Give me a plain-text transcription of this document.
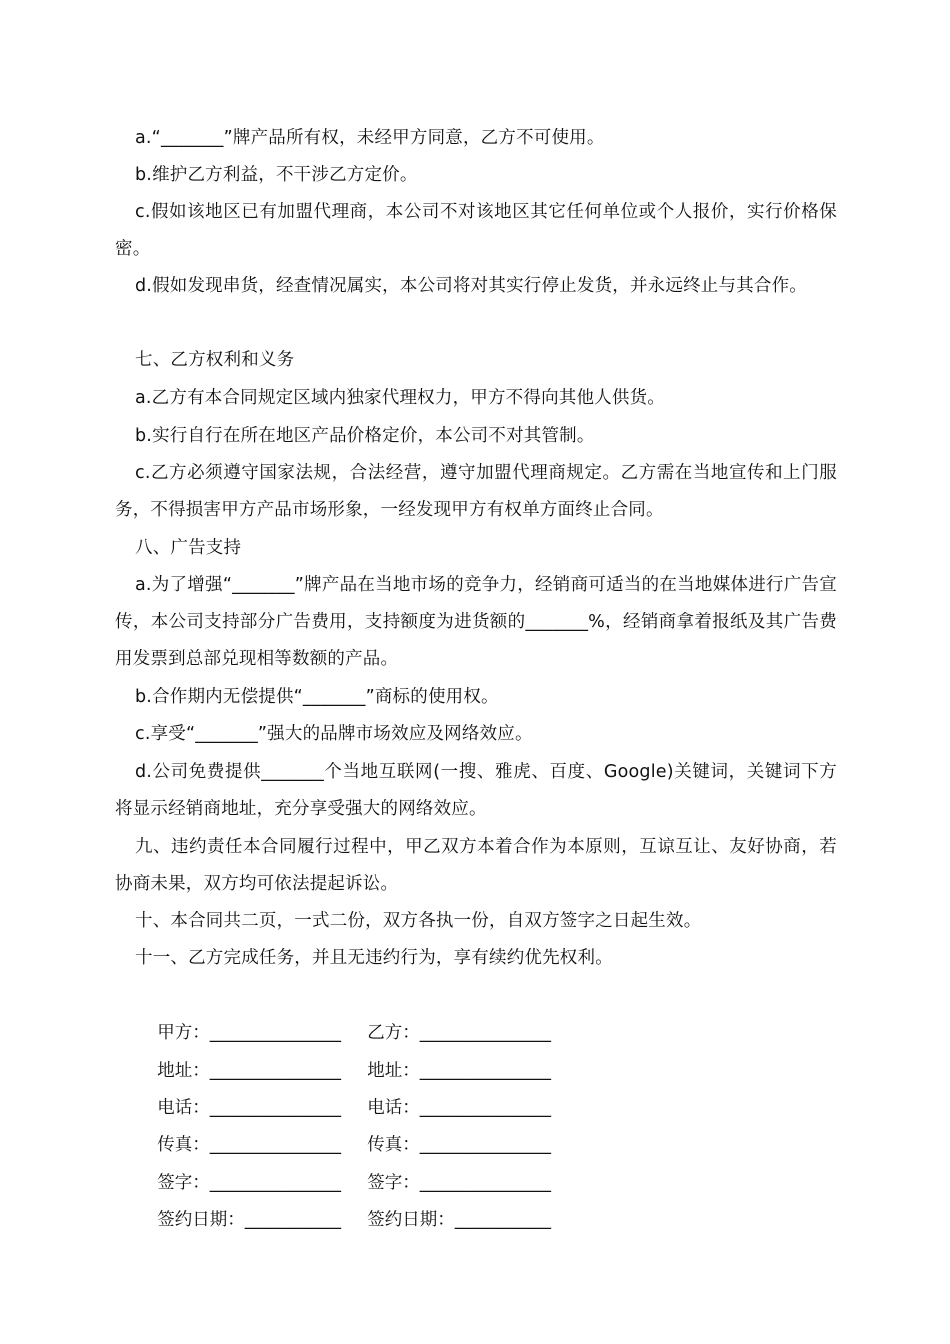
a.“_______”牌产品所有权，未经甲方同意，乙方不可使用。

b.维护乙方利益，不干涉乙方定价。

c.假如该地区已有加盟代理商，本公司不对该地区其它任何单位或个人报价，实行价格保密。

d.假如发现串货，经查情况属实，本公司将对其实行停止发货，并永远终止与其合作。

七、乙方权利和义务

a.乙方有本合同规定区域内独家代理权力，甲方不得向其他人供货。

b.实行自行在所在地区产品价格定价，本公司不对其管制。

c.乙方必须遵守国家法规，合法经营，遵守加盟代理商规定。乙方需在当地宣传和上门服务，不得损害甲方产品市场形象，一经发现甲方有权单方面终止合同。

八、广告支持

a.为了增强“_______”牌产品在当地市场的竞争力，经销商可适当的在当地媒体进行广告宣传，本公司支持部分广告费用，支持额度为进货额的_______%，经销商拿着报纸及其广告费用发票到总部兑现相等数额的产品。

b.合作期内无偿提供“_______”商标的使用权。

c.享受“_______”强大的品牌市场效应及网络效应。

d.公司免费提供_______个当地互联网(一搜、雅虎、百度、Google)关键词，关键词下方将显示经销商地址，充分享受强大的网络效应。

九、违约责任本合同履行过程中，甲乙双方本着合作为本原则，互谅互让、友好协商，若协商未果，双方均可依法提起诉讼。

十、本合同共二页，一式二份，双方各执一份，自双方签字之日起生效。

十一、乙方完成任务，并且无违约行为，享有续约优先权利。

甲方：_______________ 乙方：_______________

地址：_______________ 地址：_______________

电话：_______________ 电话：_______________

传真：_______________ 传真：_______________

签字：_______________ 签字：_______________

签约日期：___________ 签约日期：___________
